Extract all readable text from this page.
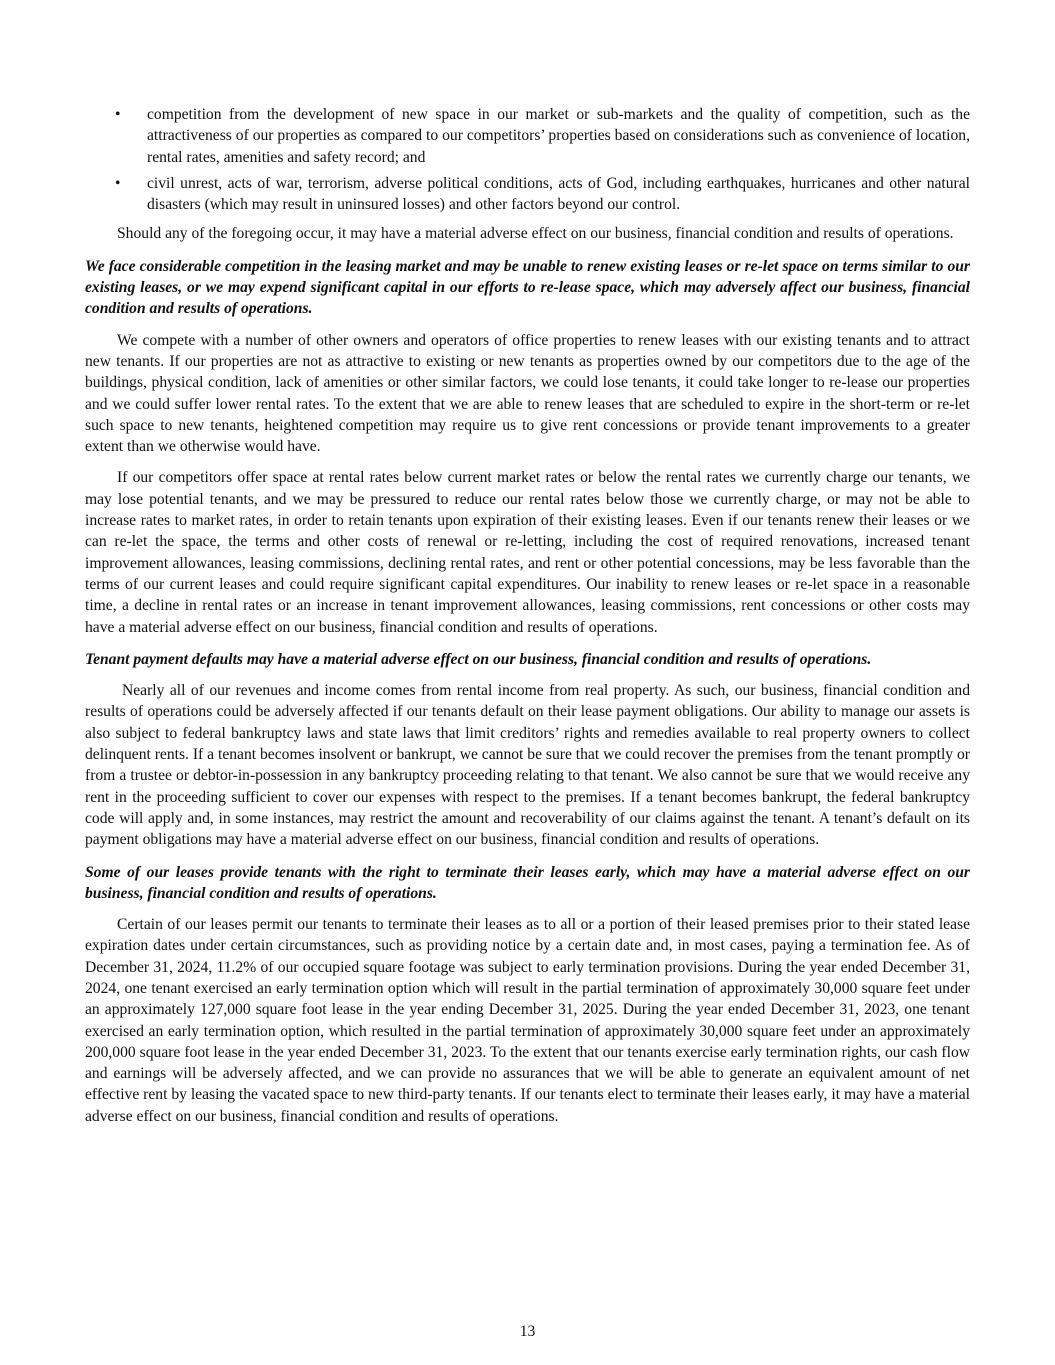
• competition from the development of new space in our market or sub-markets and the quality of competition, such as the attractiveness of our properties as compared to our competitors’ properties based on considerations such as convenience of location, rental rates, amenities and safety record; and
• civil unrest, acts of war, terrorism, adverse political conditions, acts of God, including earthquakes, hurricanes and other natural disasters (which may result in uninsured losses) and other factors beyond our control.

Should any of the foregoing occur, it may have a material adverse effect on our business, financial condition and results of operations.

We face considerable competition in the leasing market and may be unable to renew existing leases or re-let space on terms similar to our existing leases, or we may expend significant capital in our efforts to re-lease space, which may adversely affect our business, financial condition and results of operations.

We compete with a number of other owners and operators of office properties to renew leases with our existing tenants and to attract new tenants. If our properties are not as attractive to existing or new tenants as properties owned by our competitors due to the age of the buildings, physical condition, lack of amenities or other similar factors, we could lose tenants, it could take longer to re-lease our properties and we could suffer lower rental rates. To the extent that we are able to renew leases that are scheduled to expire in the short-term or re-let such space to new tenants, heightened competition may require us to give rent concessions or provide tenant improvements to a greater extent than we otherwise would have.

If our competitors offer space at rental rates below current market rates or below the rental rates we currently charge our tenants, we may lose potential tenants, and we may be pressured to reduce our rental rates below those we currently charge, or may not be able to increase rates to market rates, in order to retain tenants upon expiration of their existing leases. Even if our tenants renew their leases or we can re-let the space, the terms and other costs of renewal or re-letting, including the cost of required renovations, increased tenant improvement allowances, leasing commissions, declining rental rates, and rent or other potential concessions, may be less favorable than the terms of our current leases and could require significant capital expenditures. Our inability to renew leases or re-let space in a reasonable time, a decline in rental rates or an increase in tenant improvement allowances, leasing commissions, rent concessions or other costs may have a material adverse effect on our business, financial condition and results of operations.

Tenant payment defaults may have a material adverse effect on our business, financial condition and results of operations.

Nearly all of our revenues and income comes from rental income from real property. As such, our business, financial condition and results of operations could be adversely affected if our tenants default on their lease payment obligations. Our ability to manage our assets is also subject to federal bankruptcy laws and state laws that limit creditors’ rights and remedies available to real property owners to collect delinquent rents. If a tenant becomes insolvent or bankrupt, we cannot be sure that we could recover the premises from the tenant promptly or from a trustee or debtor-in-possession in any bankruptcy proceeding relating to that tenant. We also cannot be sure that we would receive any rent in the proceeding sufficient to cover our expenses with respect to the premises. If a tenant becomes bankrupt, the federal bankruptcy code will apply and, in some instances, may restrict the amount and recoverability of our claims against the tenant. A tenant’s default on its payment obligations may have a material adverse effect on our business, financial condition and results of operations.

Some of our leases provide tenants with the right to terminate their leases early, which may have a material adverse effect on our business, financial condition and results of operations.

Certain of our leases permit our tenants to terminate their leases as to all or a portion of their leased premises prior to their stated lease expiration dates under certain circumstances, such as providing notice by a certain date and, in most cases, paying a termination fee. As of December 31, 2024, 11.2% of our occupied square footage was subject to early termination provisions. During the year ended December 31, 2024, one tenant exercised an early termination option which will result in the partial termination of approximately 30,000 square feet under an approximately 127,000 square foot lease in the year ending December 31, 2025. During the year ended December 31, 2023, one tenant exercised an early termination option, which resulted in the partial termination of approximately 30,000 square feet under an approximately 200,000 square foot lease in the year ended December 31, 2023. To the extent that our tenants exercise early termination rights, our cash flow and earnings will be adversely affected, and we can provide no assurances that we will be able to generate an equivalent amount of net effective rent by leasing the vacated space to new third-party tenants. If our tenants elect to terminate their leases early, it may have a material adverse effect on our business, financial condition and results of operations.

13
